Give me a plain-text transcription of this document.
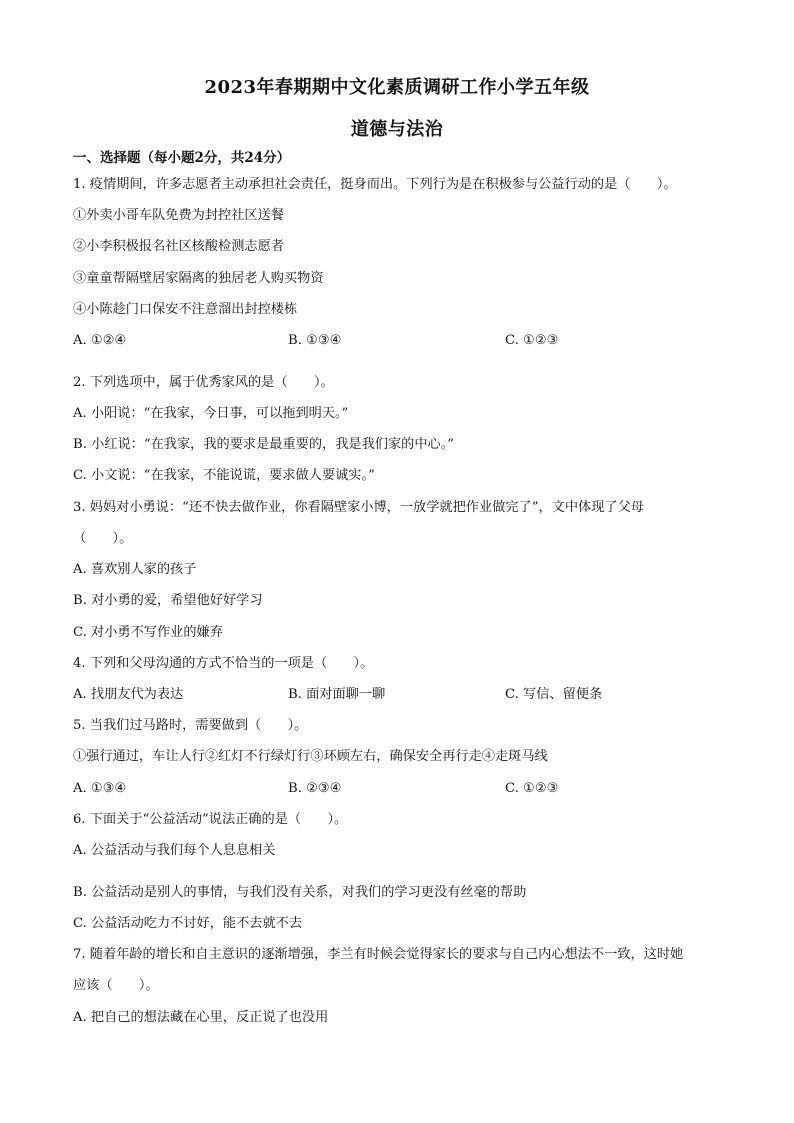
2023年春期期中文化素质调研工作小学五年级
道德与法治
一、选择题（每小题2分，共24分）
1. 疫情期间，许多志愿者主动承担社会责任，挺身而出。下列行为是在积极参与公益行动的是（　　）。
①外卖小哥车队免费为封控社区送餐
②小李积极报名社区核酸检测志愿者
③童童帮隔壁居家隔离的独居老人购买物资
④小陈趁门口保安不注意溜出封控楼栋
A. ①②④	B. ①③④	C. ①②③
2. 下列选项中，属于优秀家风的是（　　）。
A. 小阳说：“在我家，今日事，可以拖到明天。”
B. 小红说：“在我家，我的要求是最重要的，我是我们家的中心。”
C. 小文说：“在我家，不能说谎，要求做人要诚实。”
3. 妈妈对小勇说：“还不快去做作业，你看隔壁家小博，一放学就把作业做完了”，文中体现了父母
（　　）。
A. 喜欢别人家的孩子
B. 对小勇的爱，希望他好好学习
C. 对小勇不写作业的嫌弃
4. 下列和父母沟通的方式不恰当的一项是（　　）。
A. 找朋友代为表达	B. 面对面聊一聊	C. 写信、留便条
5. 当我们过马路时，需要做到（　　）。
①强行通过，车让人行②红灯不行绿灯行③环顾左右，确保安全再行走④走斑马线
A. ①③④	B. ②③④	C. ①②③
6. 下面关于“公益活动”说法正确的是（　　）。
A. 公益活动与我们每个人息息相关
B. 公益活动是别人的事情，与我们没有关系，对我们的学习更没有丝毫的帮助
C. 公益活动吃力不讨好，能不去就不去
7. 随着年龄的增长和自主意识的逐渐增强，李兰有时候会觉得家长的要求与自己内心想法不一致，这时她
应该（　　）。
A. 把自己的想法藏在心里，反正说了也没用
